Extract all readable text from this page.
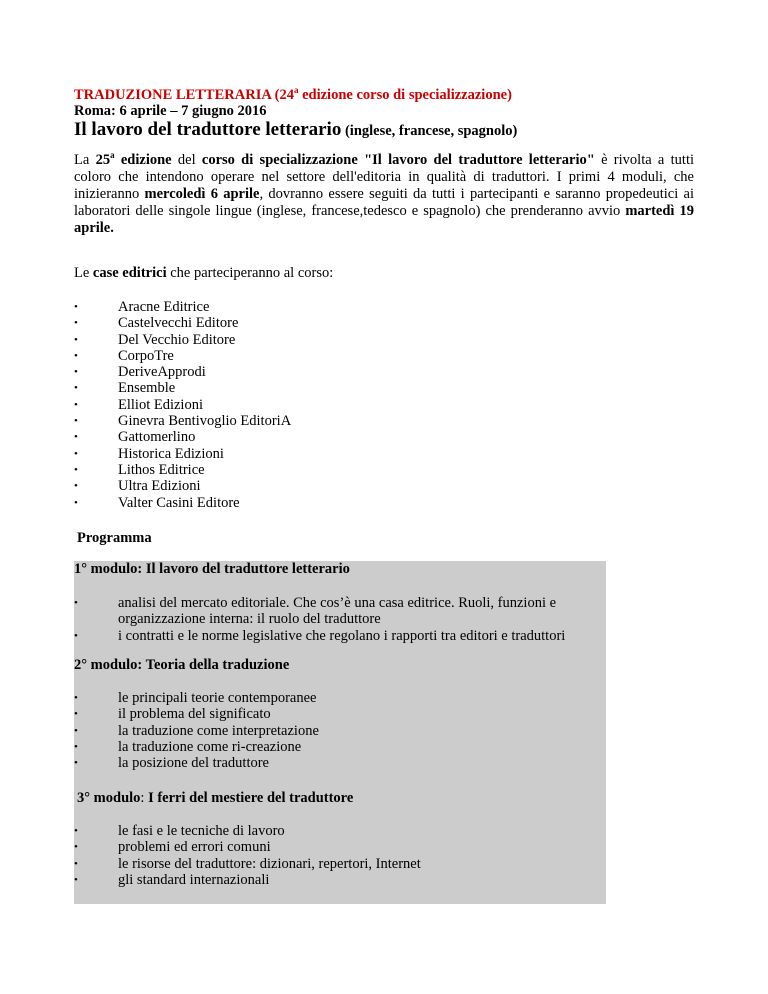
TRADUZIONE LETTERARIA (24$^a$ edizione corso di specializzazione)
Roma: 6 aprile – 7 giugno 2016
Il lavoro del traduttore letterario (inglese, francese, spagnolo)
La 25$^a$ edizione del corso di specializzazione "Il lavoro del traduttore letterario" è rivolta a tutti coloro che intendono operare nel settore dell'editoria in qualità di traduttori. I primi 4 moduli, che inizieranno mercoledì 6 aprile, dovranno essere seguiti da tutti i partecipanti e saranno propedeutici ai laboratori delle singole lingue (inglese, francese,tedesco e spagnolo) che prenderanno avvio martedì 19 aprile.
Le case editrici che parteciperanno al corso:
• Aracne Editrice
• Castelvecchi Editore
• Del Vecchio Editore
• CorpoTre
• DeriveApprodi
• Ensemble
• Elliot Edizioni
• Ginevra Bentivoglio EditoriA
• Gattomerlino
• Historica Edizioni
• Lithos Editrice
• Ultra Edizioni
• Valter Casini Editore
Programma
1° modulo: Il lavoro del traduttore letterario
• analisi del mercato editoriale. Che cos’è una casa editrice. Ruoli, funzioni e organizzazione interna: il ruolo del traduttore
• i contratti e le norme legislative che regolano i rapporti tra editori e traduttori
2° modulo: Teoria della traduzione
• le principali teorie contemporanee
• il problema del significato
• la traduzione come interpretazione
• la traduzione come ri-creazione
• la posizione del traduttore
3° modulo: I ferri del mestiere del traduttore
• le fasi e le tecniche di lavoro
• problemi ed errori comuni
• le risorse del traduttore: dizionari, repertori, Internet
• gli standard internazionali
